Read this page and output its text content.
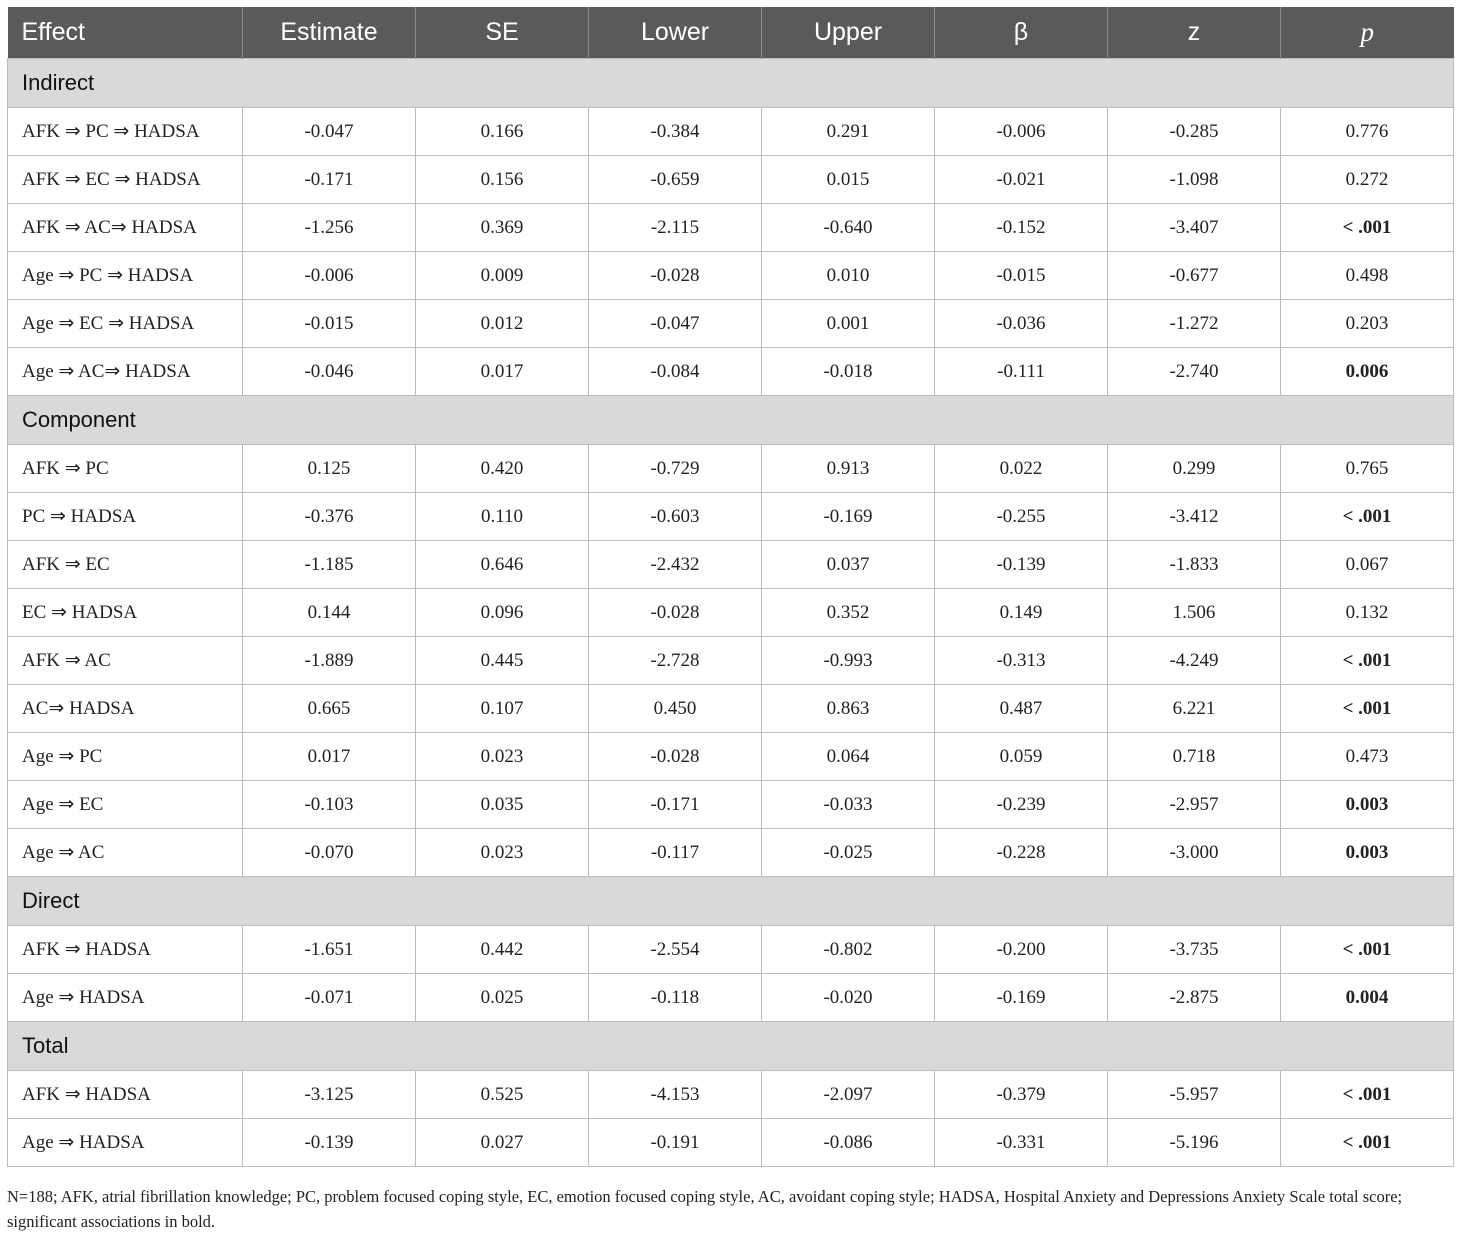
Effect	Estimate	SE	Lower	Upper	β	z	p
Indirect							
AFK ⇒ PC ⇒ HADSA	-0.047	0.166	-0.384	0.291	-0.006	-0.285	0.776
AFK ⇒ EC ⇒ HADSA	-0.171	0.156	-0.659	0.015	-0.021	-1.098	0.272
AFK ⇒ AC⇒ HADSA	-1.256	0.369	-2.115	-0.640	-0.152	-3.407	< .001
Age ⇒ PC ⇒ HADSA	-0.006	0.009	-0.028	0.010	-0.015	-0.677	0.498
Age ⇒ EC ⇒ HADSA	-0.015	0.012	-0.047	0.001	-0.036	-1.272	0.203
Age ⇒ AC⇒ HADSA	-0.046	0.017	-0.084	-0.018	-0.111	-2.740	0.006
Component							
AFK ⇒ PC	0.125	0.420	-0.729	0.913	0.022	0.299	0.765
PC ⇒ HADSA	-0.376	0.110	-0.603	-0.169	-0.255	-3.412	< .001
AFK ⇒ EC	-1.185	0.646	-2.432	0.037	-0.139	-1.833	0.067
EC ⇒ HADSA	0.144	0.096	-0.028	0.352	0.149	1.506	0.132
AFK ⇒ AC	-1.889	0.445	-2.728	-0.993	-0.313	-4.249	< .001
AC⇒ HADSA	0.665	0.107	0.450	0.863	0.487	6.221	< .001
Age ⇒ PC	0.017	0.023	-0.028	0.064	0.059	0.718	0.473
Age ⇒ EC	-0.103	0.035	-0.171	-0.033	-0.239	-2.957	0.003
Age ⇒ AC	-0.070	0.023	-0.117	-0.025	-0.228	-3.000	0.003
Direct							
AFK ⇒ HADSA	-1.651	0.442	-2.554	-0.802	-0.200	-3.735	< .001
Age ⇒ HADSA	-0.071	0.025	-0.118	-0.020	-0.169	-2.875	0.004
Total							
AFK ⇒ HADSA	-3.125	0.525	-4.153	-2.097	-0.379	-5.957	< .001
Age ⇒ HADSA	-0.139	0.027	-0.191	-0.086	-0.331	-5.196	< .001
N=188; AFK, atrial fibrillation knowledge; PC, problem focused coping style, EC, emotion focused coping style, AC, avoidant coping style; HADSA, Hospital Anxiety and Depressions Anxiety Scale total score; significant associations in bold.
